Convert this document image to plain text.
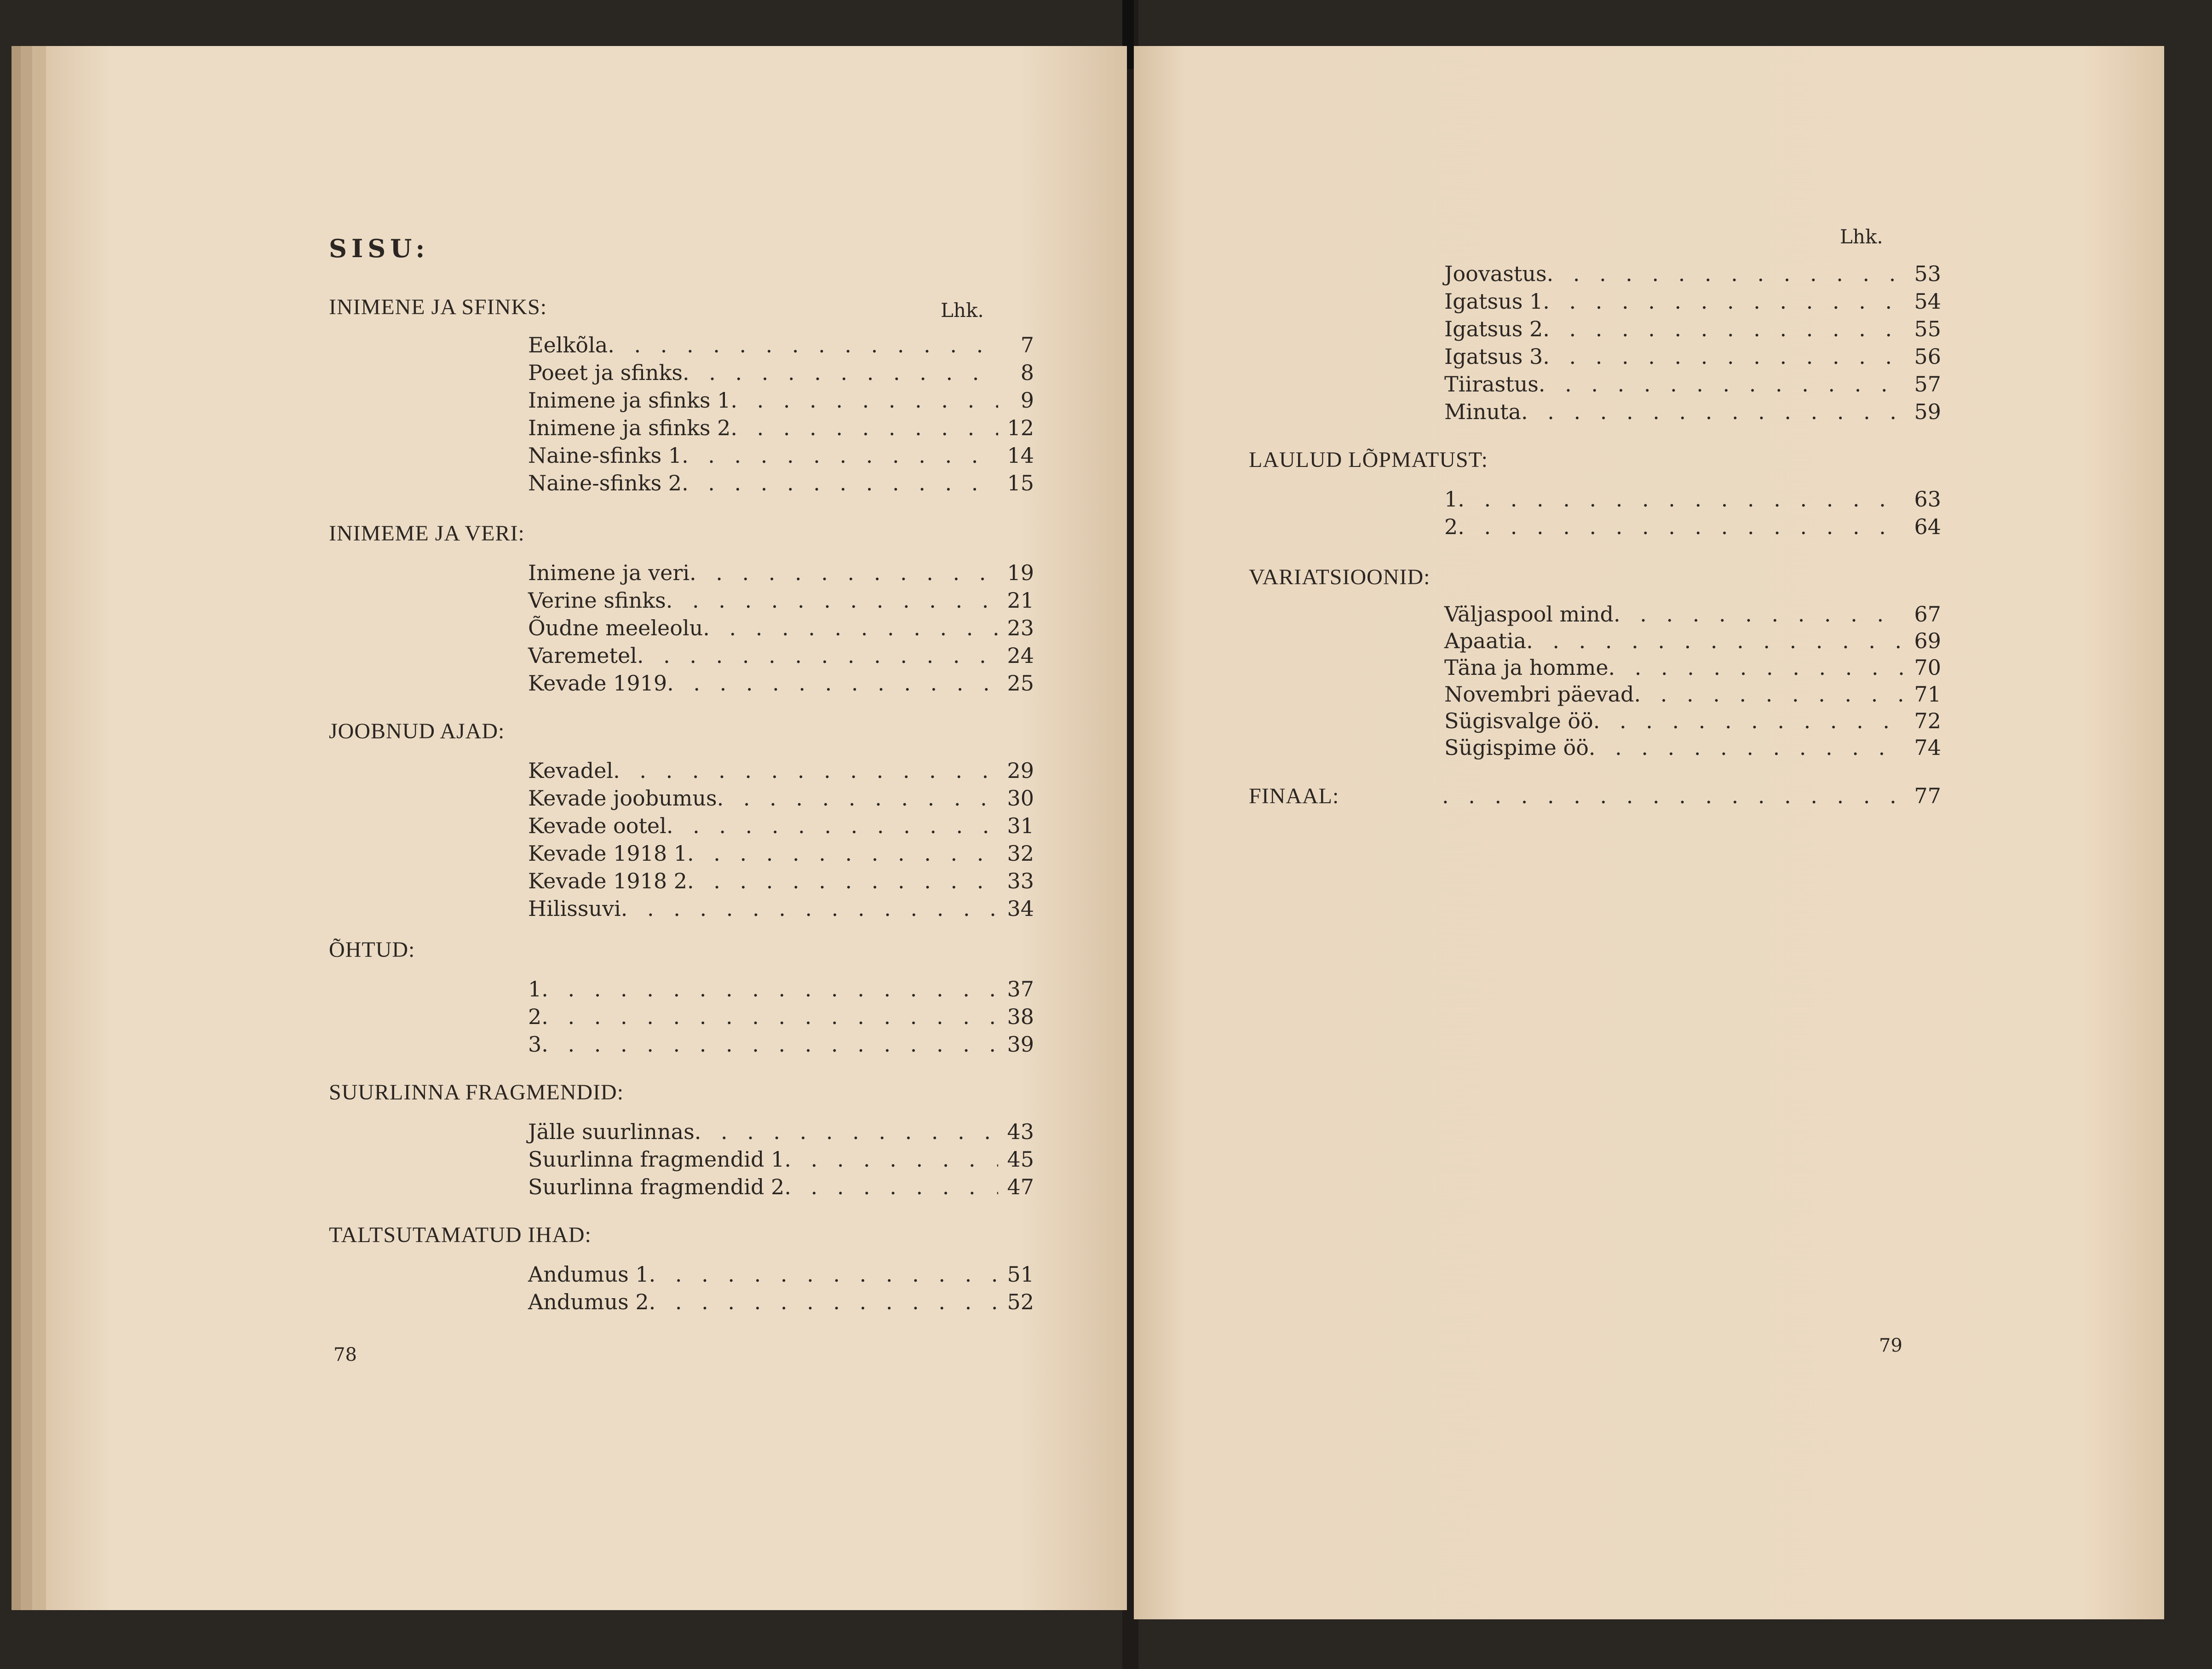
SISU:
INIMENE JA SFINKS:	Lhk.
Eelkõla . . .	7
Poeet ja sfinks . . .	8
Inimene ja sfinks 1 . . .	9
Inimene ja sfinks 2 . . .	12
Naine-sfinks 1 . . .	14
Naine-sfinks 2 . . .	15
INIMEME JA VERI:
Inimene ja veri . . .	19
Verine sfinks . . .	21
Õudne meeleolu . . .	23
Varemetel . . .	24
Kevade 1919 . . .	25
JOOBNUD AJAD:
Kevadel . . .	29
Kevade joobumus . . .	30
Kevade ootel . . .	31
Kevade 1918 1 . . .	32
Kevade 1918 2 . . .	33
Hilissuvi . . .	34
ÕHTUD:
1 . . .	37
2 . . .	38
3 . . .	39
SUURLINNA FRAGMENDID:
Jälle suurlinnas . . .	43
Suurlinna fragmendid 1 . . .	45
Suurlinna fragmendid 2 . . .	47
TALTSUTAMATUD IHAD:
Andumus 1 . . .	51
Andumus 2 . . .	52
78
Lhk.
Joovastus . . .	53
Igatsus 1 . . .	54
Igatsus 2 . . .	55
Igatsus 3 . . .	56
Tiirastus . . .	57
Minuta . . .	59
LAULUD LÕPMATUST:
1 . . .	63
2 . . .	64
VARIATSIOONID:
Väljaspool mind . . .	67
Apaatia . . .	69
Täna ja homme . . .	70
Novembri päevad . . .	71
Sügisvalge öö . . .	72
Sügispime öö . . .	74
FINAAL: . . .	77
79
